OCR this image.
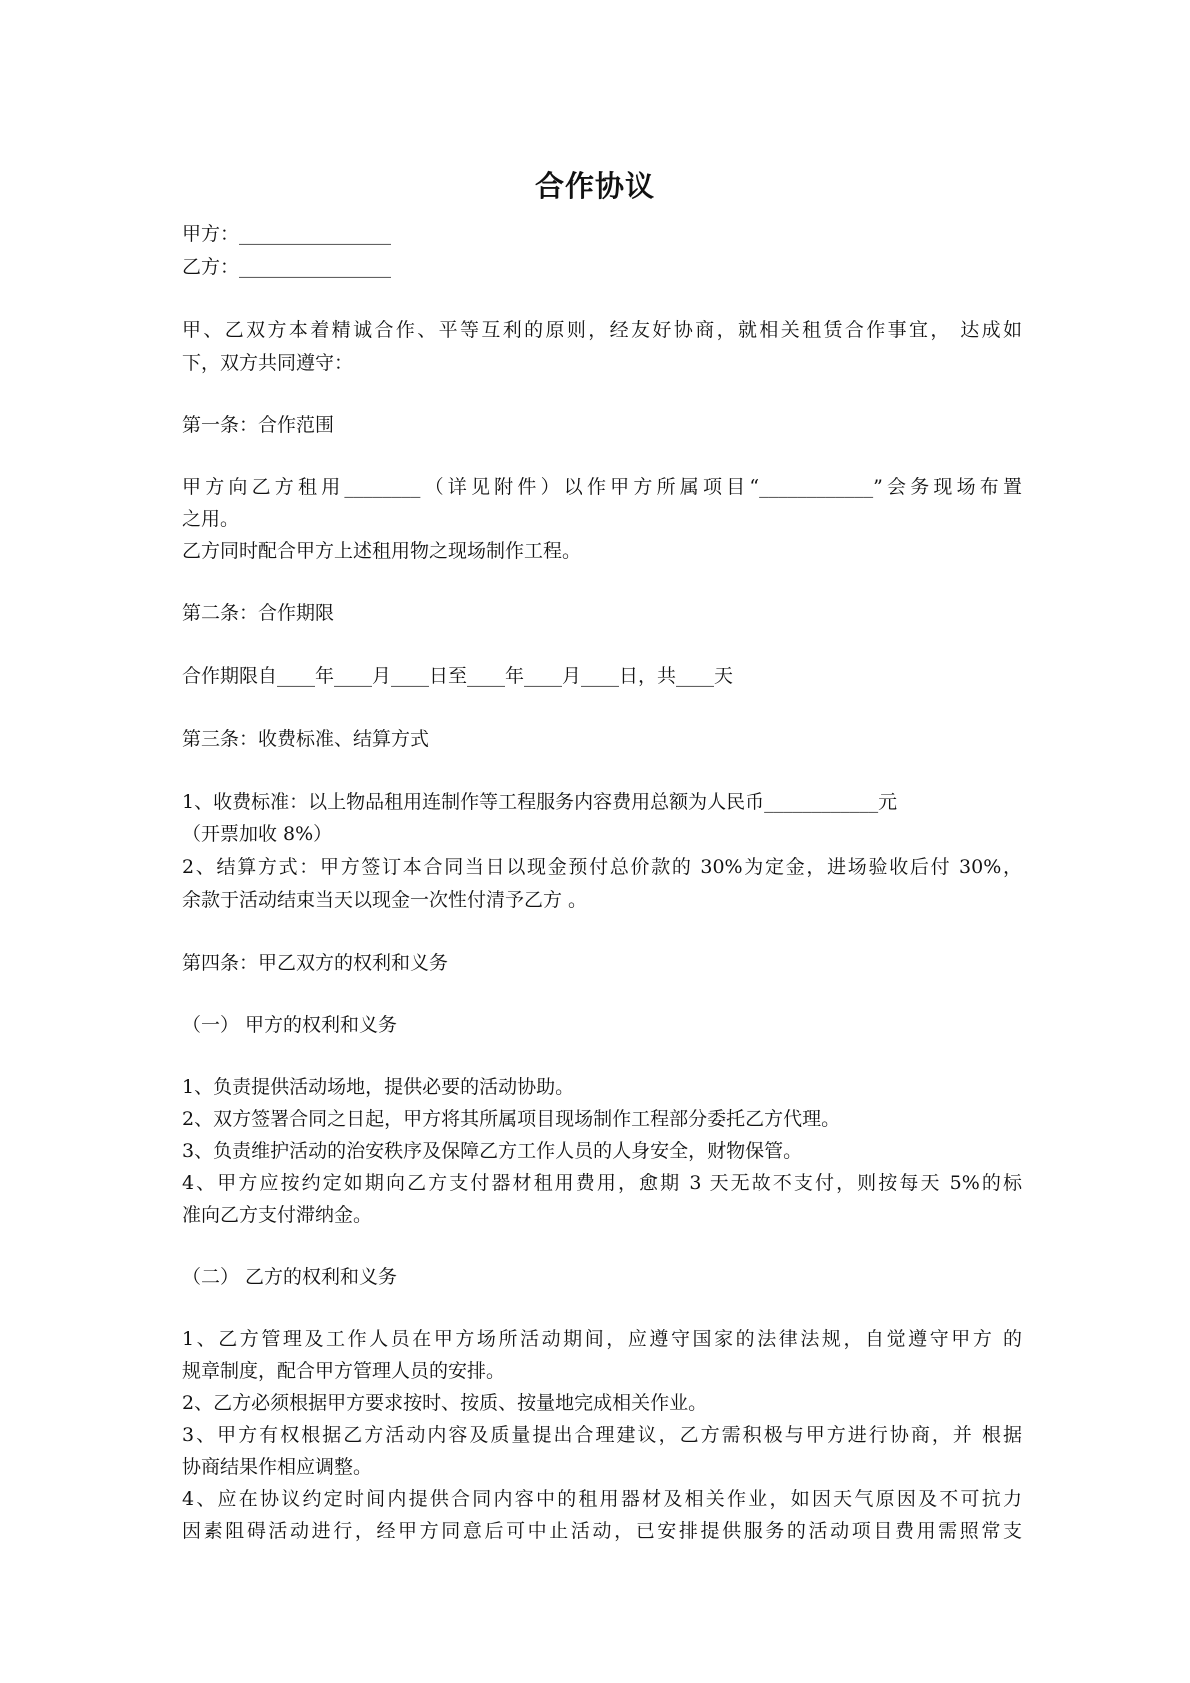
合作协议

甲方：________________

乙方：________________

甲、乙双方本着精诚合作、平等互利的原则，经友好协商，就相关租赁合作事宜， 达成如

下，双方共同遵守：

第一条：合作范围

甲方向乙方租用________（详见附件）以作甲方所属项目“____________”会务现场布置

之用。

乙方同时配合甲方上述租用物之现场制作工程。

第二条：合作期限

合作期限自____年____月____日至____年____月____日，共____天

第三条：收费标准、结算方式

1、收费标准：以上物品租用连制作等工程服务内容费用总额为人民币____________元

（开票加收 8%）

2、结算方式：甲方签订本合同当日以现金预付总价款的 30%为定金，进场验收后付 30%，

余款于活动结束当天以现金一次性付清予乙方 。

第四条：甲乙双方的权利和义务

（一） 甲方的权利和义务

1、负责提供活动场地，提供必要的活动协助。

2、双方签署合同之日起，甲方将其所属项目现场制作工程部分委托乙方代理。

3、负责维护活动的治安秩序及保障乙方工作人员的人身安全，财物保管。

4、甲方应按约定如期向乙方支付器材租用费用，愈期 3 天无故不支付，则按每天 5%的标

准向乙方支付滞纳金。

（二） 乙方的权利和义务

1、乙方管理及工作人员在甲方场所活动期间，应遵守国家的法律法规，自觉遵守甲方 的

规章制度，配合甲方管理人员的安排。

2、乙方必须根据甲方要求按时、按质、按量地完成相关作业。

3、甲方有权根据乙方活动内容及质量提出合理建议，乙方需积极与甲方进行协商，并 根据

协商结果作相应调整。

4、应在协议约定时间内提供合同内容中的租用器材及相关作业，如因天气原因及不可抗力

因素阻碍活动进行，经甲方同意后可中止活动，已安排提供服务的活动项目费用需照常支
